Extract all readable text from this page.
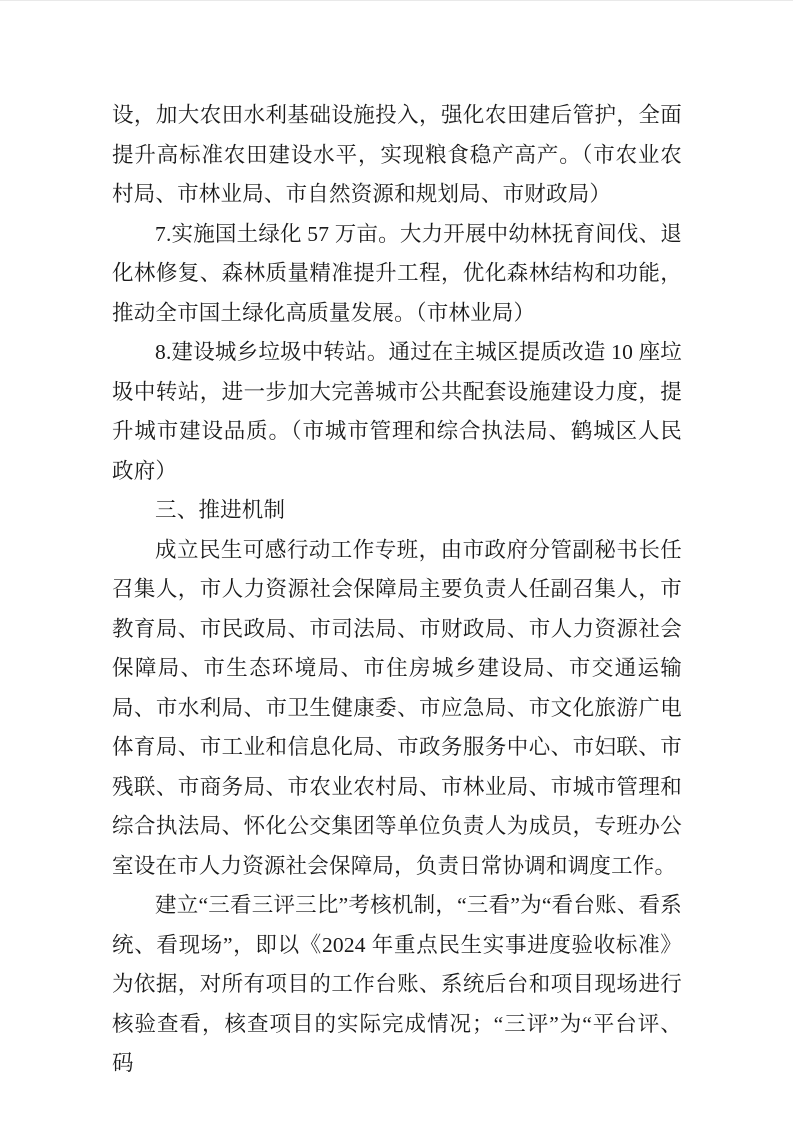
设，加大农田水利基础设施投入，强化农田建后管护，全面提升高标准农田建设水平，实现粮食稳产高产。（市农业农村局、市林业局、市自然资源和规划局、市财政局）

7.实施国土绿化 57 万亩。大力开展中幼林抚育间伐、退化林修复、森林质量精准提升工程，优化森林结构和功能，推动全市国土绿化高质量发展。（市林业局）

8.建设城乡垃圾中转站。通过在主城区提质改造 10 座垃圾中转站，进一步加大完善城市公共配套设施建设力度，提升城市建设品质。（市城市管理和综合执法局、鹤城区人民政府）

三、推进机制

成立民生可感行动工作专班，由市政府分管副秘书长任召集人，市人力资源社会保障局主要负责人任副召集人，市教育局、市民政局、市司法局、市财政局、市人力资源社会保障局、市生态环境局、市住房城乡建设局、市交通运输局、市水利局、市卫生健康委、市应急局、市文化旅游广电体育局、市工业和信息化局、市政务服务中心、市妇联、市残联、市商务局、市农业农村局、市林业局、市城市管理和综合执法局、怀化公交集团等单位负责人为成员，专班办公室设在市人力资源社会保障局，负责日常协调和调度工作。

建立“三看三评三比”考核机制，“三看”为“看台账、看系统、看现场”，即以《2024 年重点民生实事进度验收标准》为依据，对所有项目的工作台账、系统后台和项目现场进行核验查看，核查项目的实际完成情况；“三评”为“平台评、码
